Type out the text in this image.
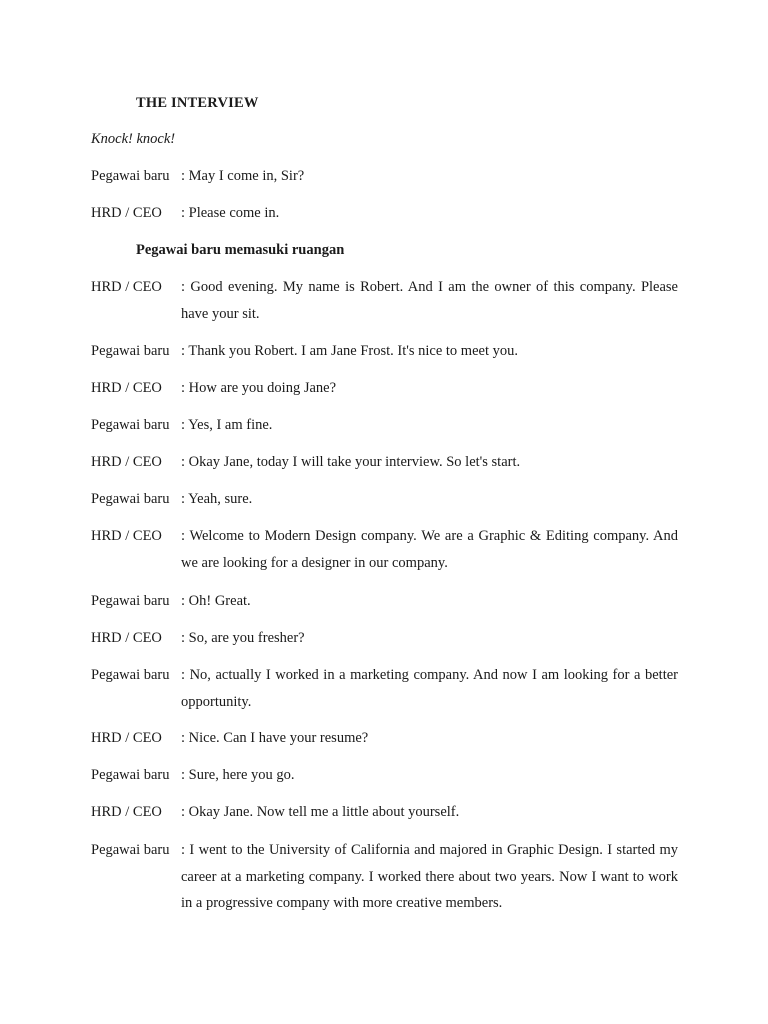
THE INTERVIEW
Knock! knock!
Pegawai baru : May I come in, Sir?
HRD / CEO : Please come in.
Pegawai baru memasuki ruangan
HRD / CEO : Good evening. My name is Robert. And I am the owner of this company. Please have your sit.
Pegawai baru : Thank you Robert. I am Jane Frost. It's nice to meet you.
HRD / CEO : How are you doing Jane?
Pegawai baru : Yes, I am fine.
HRD / CEO : Okay Jane, today I will take your interview. So let's start.
Pegawai baru : Yeah, sure.
HRD / CEO : Welcome to Modern Design company. We are a Graphic & Editing company. And we are looking for a designer in our company.
Pegawai baru : Oh! Great.
HRD / CEO : So, are you fresher?
Pegawai baru : No, actually I worked in a marketing company. And now I am looking for a better opportunity.
HRD / CEO : Nice. Can I have your resume?
Pegawai baru : Sure, here you go.
HRD / CEO : Okay Jane. Now tell me a little about yourself.
Pegawai baru : I went to the University of California and majored in Graphic Design. I started my career at a marketing company. I worked there about two years. Now I want to work in a progressive company with more creative members.
